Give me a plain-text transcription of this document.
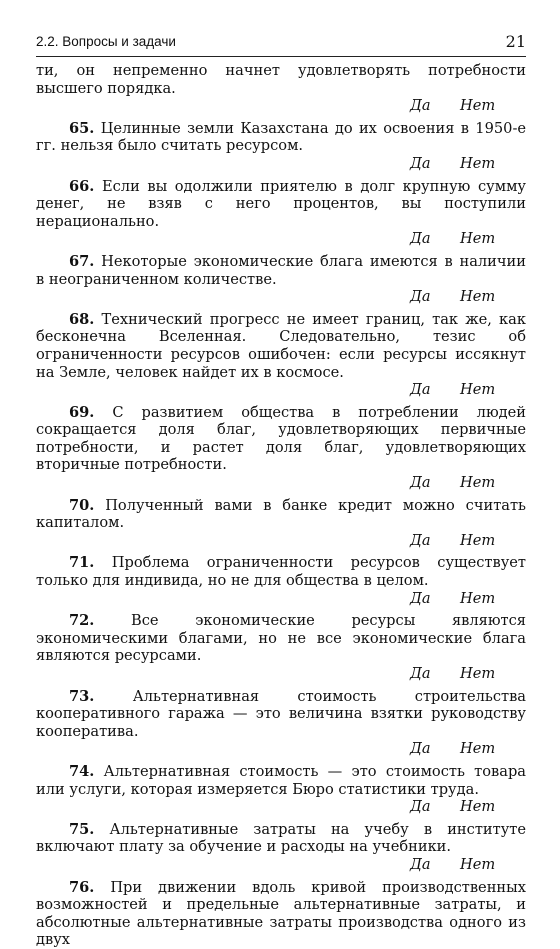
2.2. Вопросы и задачи	21

ти, он непременно начнет удовлетворять потребности высшего порядка.

Да Нет

65. Целинные земли Казахстана до их освоения в 1950-е гг. нельзя было считать ресурсом.

Да Нет

66. Если вы одолжили приятелю в долг крупную сумму денег, не взяв с него процентов, вы поступили нерационально.

Да Нет

67. Некоторые экономические блага имеются в наличии в неограниченном количестве.

Да Нет

68. Технический прогресс не имеет границ, так же, как бесконечна Вселенная. Следовательно, тезис об ограниченности ресурсов ошибочен: если ресурсы иссякнут на Земле, человек найдет их в космосе.

Да Нет

69. С развитием общества в потреблении людей сокращается доля благ, удовлетворяющих первичные потребности, и растет доля благ, удовлетворяющих вторичные потребности.

Да Нет

70. Полученный вами в банке кредит можно считать капиталом.

Да Нет

71. Проблема ограниченности ресурсов существует только для индивида, но не для общества в целом.

Да Нет

72.	Все экономические ресурсы являются экономическими благами, но не все экономические блага являются ресурсами.

Да Нет

73.	Альтернативная стоимость строительства кооперативного гаража — это величина взятки руководству кооператива.

Да Нет

74. Альтернативная стоимость — это стоимость товара или услуги, которая измеряется Бюро статистики труда.

Да Нет

75. Альтернативные затраты на учебу в институте включают плату за обучение и расходы на учебники.

Да Нет

76. При движении вдоль кривой производственных возможностей и предельные альтернативные затраты, и абсолютные альтернативные затраты производства одного из двух
